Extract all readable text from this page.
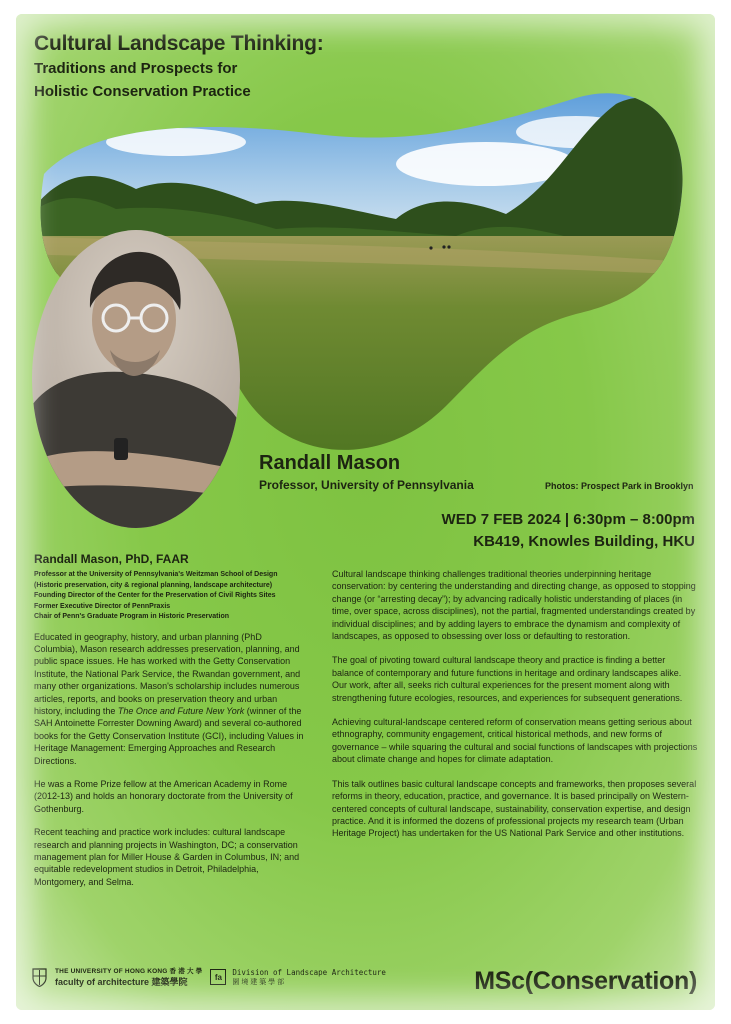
Cultural Landscape Thinking:
Traditions and Prospects for
Holistic Conservation Practice
Randall Mason
Professor, University of Pennsylvania	Photos: Prospect Park in Brooklyn
WED 7 FEB 2024 | 6:30pm – 8:00pm
KB419, Knowles Building, HKU
Randall Mason, PhD, FAAR
Professor at the University of Pennsylvania's Weitzman School of Design
(Historic preservation, city & regional planning, landscape architecture)
Founding Director of the Center for the Preservation of Civil Rights Sites
Former Executive Director of PennPraxis
Chair of Penn's Graduate Program in Historic Preservation

Educated in geography, history, and urban planning (PhD Columbia), Mason research addresses preservation, planning, and public space issues. He has worked with the Getty Conservation Institute, the National Park Service, the Rwandan government, and many other organizations. Mason's scholarship includes numerous articles, reports, and books on preservation theory and urban history, including the The Once and Future New York (winner of the SAH Antoinette Forrester Downing Award) and several co-authored books for the Getty Conservation Institute (GCI), including Values in Heritage Management: Emerging Approaches and Research Directions.

He was a Rome Prize fellow at the American Academy in Rome (2012-13) and holds an honorary doctorate from the University of Gothenburg.

Recent teaching and practice work includes: cultural landscape research and planning projects in Washington, DC; a conservation management plan for Miller House & Garden in Columbus, IN; and equitable redevelopment studios in Detroit, Philadelphia, Montgomery, and Selma.

Cultural landscape thinking challenges traditional theories underpinning heritage conservation: by centering the understanding and directing change, as opposed to stopping change (or “arresting decay”); by advancing radically holistic understanding of places (in time, over space, across disciplines), not the partial, fragmented understandings created by individual disciplines; and by adding layers to embrace the dynamism and complexity of landscapes, as opposed to obsessing over loss or defaulting to restoration.

The goal of pivoting toward cultural landscape theory and practice is finding a better balance of contemporary and future functions in heritage and ordinary landscapes alike. Our work, after all, seeks rich cultural experiences for the present moment along with strengthening future ecologies, resources, and experiences for subsequent generations.

Achieving cultural-landscape centered reform of conservation means getting serious about ethnography, community engagement, critical historical methods, and new forms of governance – while squaring the cultural and social functions of landscapes with projections about climate change and hopes for climate adaptation.

This talk outlines basic cultural landscape concepts and frameworks, then proposes several reforms in theory, education, practice, and governance. It is based principally on Western-centered concepts of cultural landscape, sustainability, conservation expertise, and design practice. And it is informed the dozens of professional projects my research team (Urban Heritage Project) has undertaken for the US National Park Service and other institutions.

THE UNIVERSITY OF HONG KONG 香 港 大 學
faculty of architecture 建築學院	fa
Division of Landscape Architecture
園 境 建 築 學 部	MSc(Conservation)
